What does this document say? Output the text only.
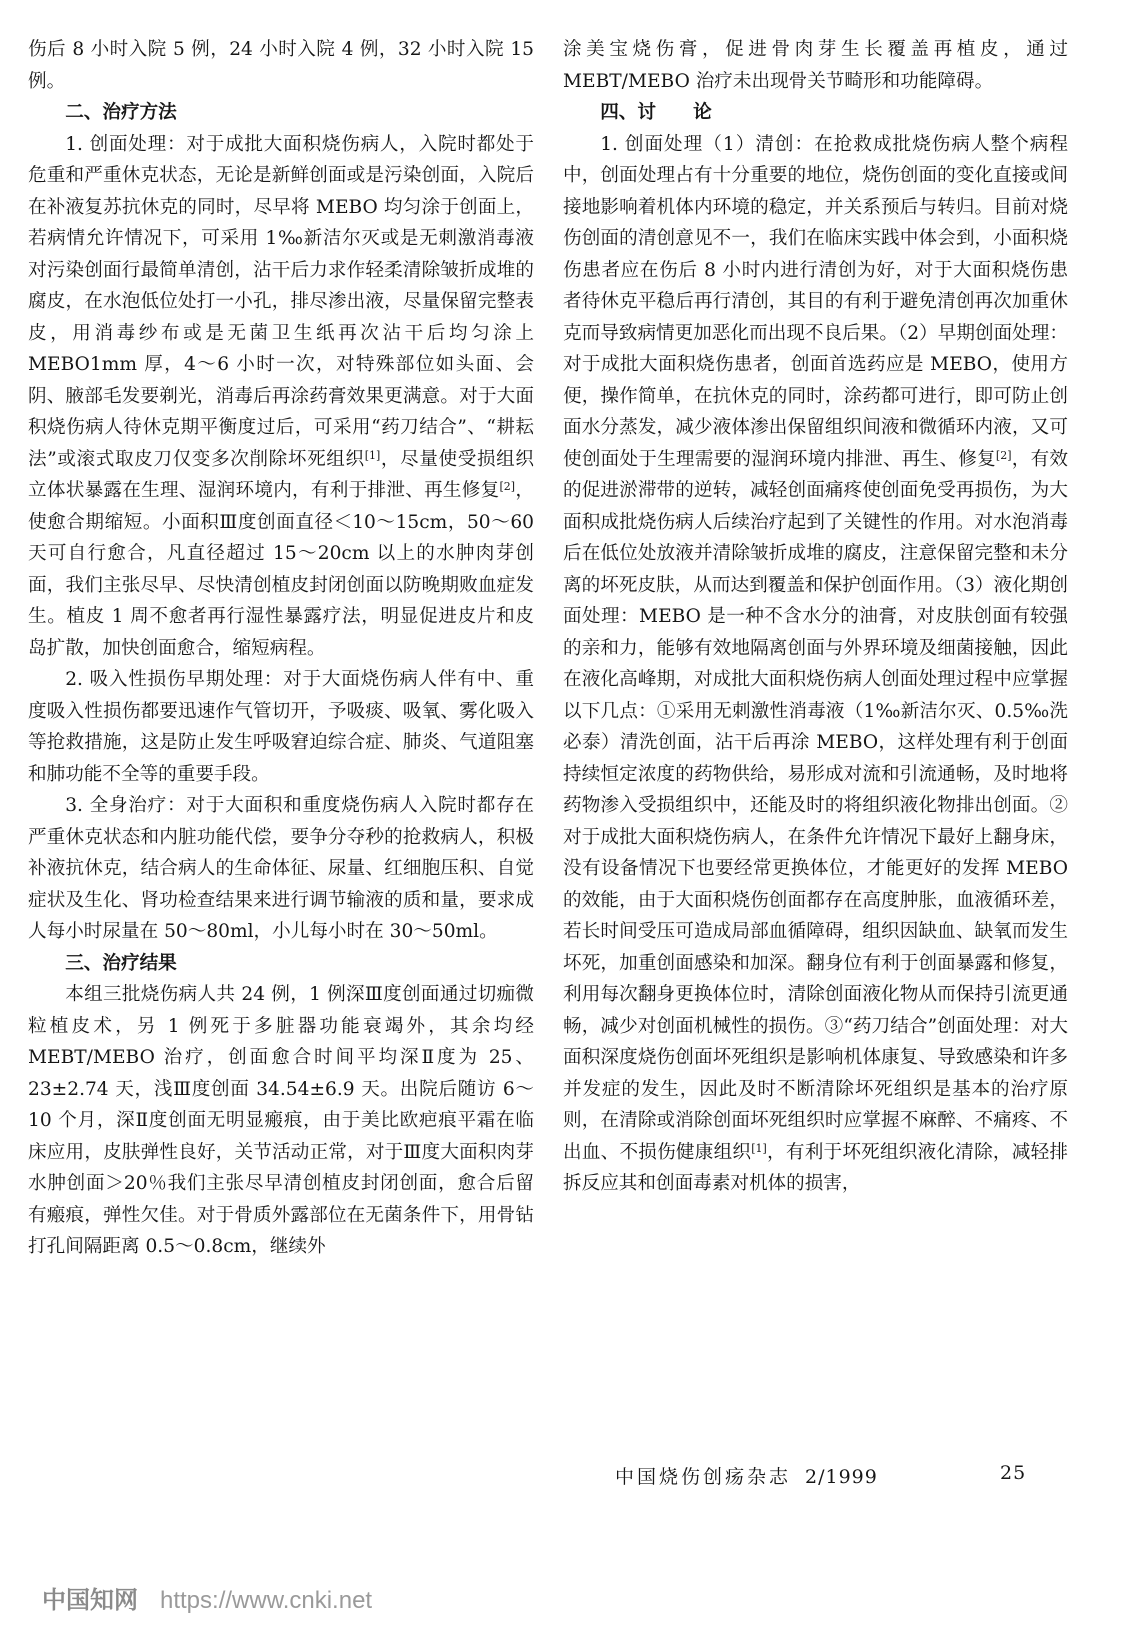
伤后 8 小时入院 5 例，24 小时入院 4 例，32 小时入院 15 例。

二、治疗方法

1. 创面处理：对于成批大面积烧伤病人，入院时都处于危重和严重休克状态，无论是新鲜创面或是污染创面，入院后在补液复苏抗休克的同时，尽早将 MEBO 均匀涂于创面上，若病情允许情况下，可采用 1‰新洁尔灭或是无刺激消毒液对污染创面行最简单清创，沾干后力求作轻柔清除皱折成堆的腐皮，在水泡低位处打一小孔，排尽渗出液，尽量保留完整表皮，用消毒纱布或是无菌卫生纸再次沾干后均匀涂上 MEBO1mm 厚，4～6 小时一次，对特殊部位如头面、会阴、腋部毛发要剃光，消毒后再涂药膏效果更满意。对于大面积烧伤病人待休克期平衡度过后，可采用“药刀结合”、“耕耘法”或滚式取皮刀仅变多次削除坏死组织[1]，尽量使受损组织立体状暴露在生理、湿润环境内，有利于排泄、再生修复[2]，使愈合期缩短。小面积Ⅲ度创面直径＜10～15cm，50～60 天可自行愈合，凡直径超过 15～20cm 以上的水肿肉芽创面，我们主张尽早、尽快清创植皮封闭创面以防晚期败血症发生。植皮 1 周不愈者再行湿性暴露疗法，明显促进皮片和皮岛扩散，加快创面愈合，缩短病程。

2. 吸入性损伤早期处理：对于大面烧伤病人伴有中、重度吸入性损伤都要迅速作气管切开，予吸痰、吸氧、雾化吸入等抢救措施，这是防止发生呼吸窘迫综合症、肺炎、气道阻塞和肺功能不全等的重要手段。

3. 全身治疗：对于大面积和重度烧伤病人入院时都存在严重休克状态和内脏功能代偿，要争分夺秒的抢救病人，积极补液抗休克，结合病人的生命体征、尿量、红细胞压积、自觉症状及生化、肾功检查结果来进行调节输液的质和量，要求成人每小时尿量在 50～80ml，小儿每小时在 30～50ml。

三、治疗结果

本组三批烧伤病人共 24 例，1 例深Ⅲ度创面通过切痂微粒植皮术，另 1 例死于多脏器功能衰竭外，其余均经 MEBT/MEBO 治疗，创面愈合时间平均深Ⅱ度为 25、23±2.74 天，浅Ⅲ度创面 34.54±6.9 天。出院后随访 6～10 个月，深Ⅱ度创面无明显瘢痕，由于美比欧疤痕平霜在临床应用，皮肤弹性良好，关节活动正常，对于Ⅲ度大面积肉芽水肿创面＞20％我们主张尽早清创植皮封闭创面，愈合后留有瘢痕，弹性欠佳。对于骨质外露部位在无菌条件下，用骨钻打孔间隔距离 0.5～0.8cm，继续外

涂美宝烧伤膏，促进骨肉芽生长覆盖再植皮，通过 MEBT/MEBO 治疗未出现骨关节畸形和功能障碍。

四、讨　　论

1. 创面处理（1）清创：在抢救成批烧伤病人整个病程中，创面处理占有十分重要的地位，烧伤创面的变化直接或间接地影响着机体内环境的稳定，并关系预后与转归。目前对烧伤创面的清创意见不一，我们在临床实践中体会到，小面积烧伤患者应在伤后 8 小时内进行清创为好，对于大面积烧伤患者待休克平稳后再行清创，其目的有利于避免清创再次加重休克而导致病情更加恶化而出现不良后果。（2）早期创面处理：对于成批大面积烧伤患者，创面首选药应是 MEBO，使用方便，操作简单，在抗休克的同时，涂药都可进行，即可防止创面水分蒸发，减少液体渗出保留组织间液和微循环内液，又可使创面处于生理需要的湿润环境内排泄、再生、修复[2]，有效的促进淤滞带的逆转，减轻创面痛疼使创面免受再损伤，为大面积成批烧伤病人后续治疗起到了关键性的作用。对水泡消毒后在低位处放液并清除皱折成堆的腐皮，注意保留完整和未分离的坏死皮肤，从而达到覆盖和保护创面作用。（3）液化期创面处理：MEBO 是一种不含水分的油膏，对皮肤创面有较强的亲和力，能够有效地隔离创面与外界环境及细菌接触，因此在液化高峰期，对成批大面积烧伤病人创面处理过程中应掌握以下几点：①采用无刺激性消毒液（1‰新洁尔灭、0.5‰洗必泰）清洗创面，沾干后再涂 MEBO，这样处理有利于创面持续恒定浓度的药物供给，易形成对流和引流通畅，及时地将药物渗入受损组织中，还能及时的将组织液化物排出创面。②对于成批大面积烧伤病人，在条件允许情况下最好上翻身床，没有设备情况下也要经常更换体位，才能更好的发挥 MEBO 的效能，由于大面积烧伤创面都存在高度肿胀，血液循环差，若长时间受压可造成局部血循障碍，组织因缺血、缺氧而发生坏死，加重创面感染和加深。翻身位有利于创面暴露和修复，利用每次翻身更换体位时，清除创面液化物从而保持引流更通畅，减少对创面机械性的损伤。③“药刀结合”创面处理：对大面积深度烧伤创面坏死组织是影响机体康复、导致感染和许多并发症的发生，因此及时不断清除坏死组织是基本的治疗原则，在清除或消除创面坏死组织时应掌握不麻醉、不痛疼、不出血、不损伤健康组织[1]，有利于坏死组织液化清除，减轻排拆反应其和创面毒素对机体的损害，

中国烧伤创疡杂志 2/1999	25
中国知网 https://www.cnki.net
